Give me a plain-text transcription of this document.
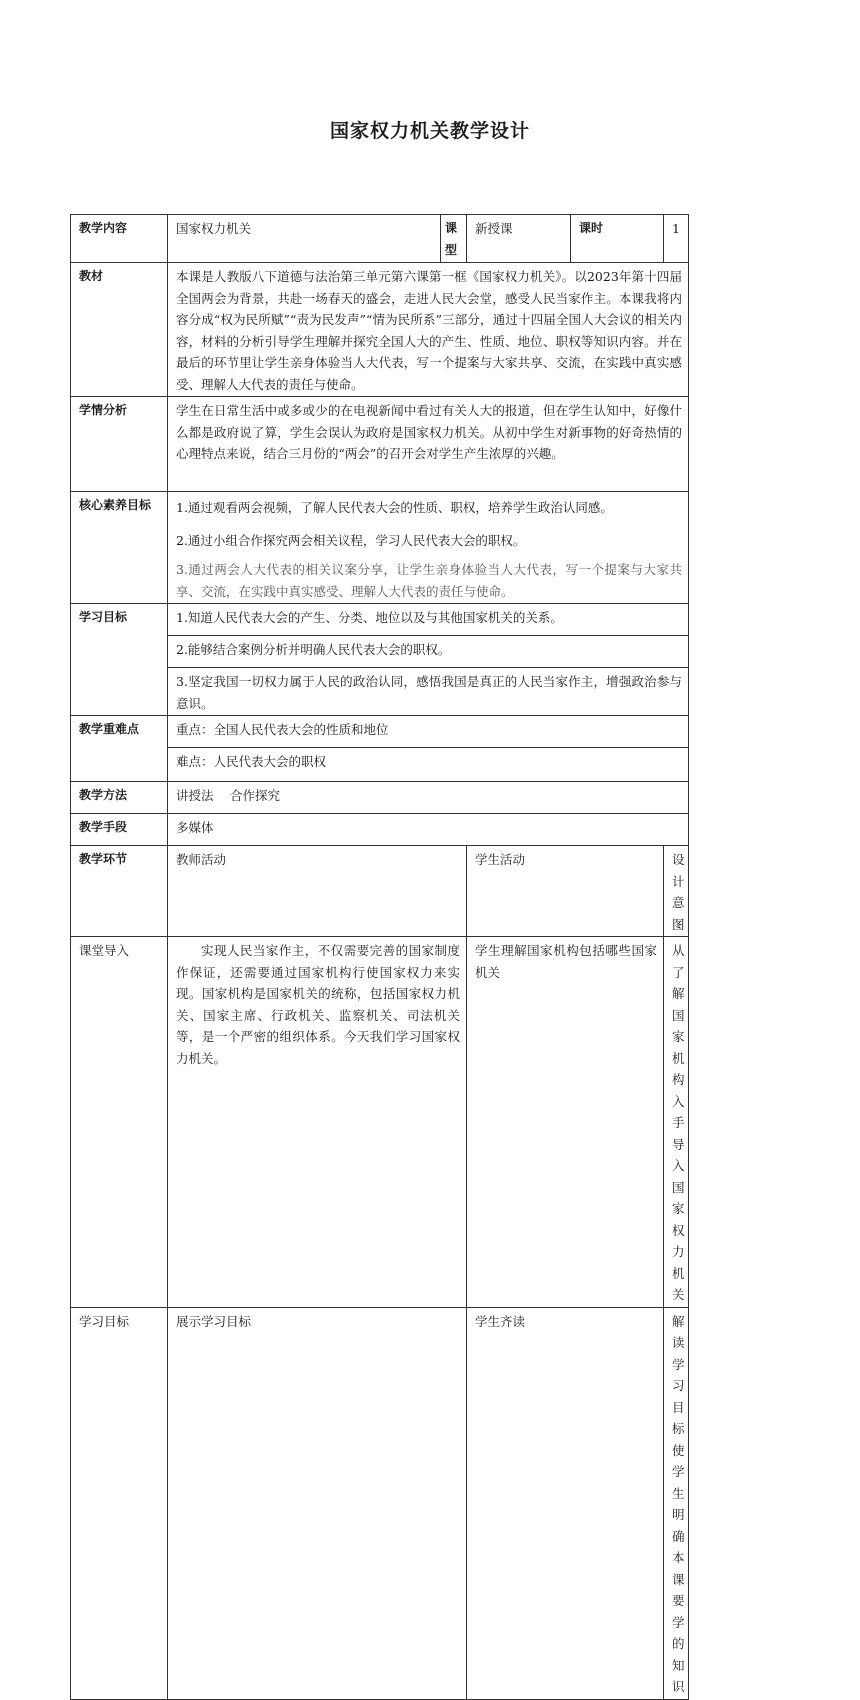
国家权力机关教学设计
教学内容	国家权力机关	课型	新授课	课时	1
教材	本课是人教版八下道德与法治第三单元第六课第一框《国家权力机关》。以2023年第十四届全国两会为背景，共赴一场春天的盛会，走进人民大会堂，感受人民当家作主。本课我将内容分成“权为民所赋”“责为民发声”“情为民所系”三部分，通过十四届全国人大会议的相关内容，材料的分析引导学生理解并探究全国人大的产生、性质、地位、职权等知识内容。并在最后的环节里让学生亲身体验当人大代表，写一个提案与大家共享、交流，在实践中真实感受、理解人大代表的责任与使命。				
学情分析	学生在日常生活中或多或少的在电视新闻中看过有关人大的报道，但在学生认知中，好像什么都是政府说了算，学生会误认为政府是国家权力机关。从初中学生对新事物的好奇热情的心理特点来说，结合三月份的“两会”的召开会对学生产生浓厚的兴趣。				
核心素养目标	1.通过观看两会视频，了解人民代表大会的性质、职权，培养学生政治认同感。
2.通过小组合作探究两会相关议程，学习人民代表大会的职权。
3.通过两会人大代表的相关议案分享，让学生亲身体验当人大代表，写一个提案与大家共享、交流，在实践中真实感受、理解人大代表的责任与使命。				

学习目标	1.知道人民代表大会的产生、分类、地位以及与其他国家机关的关系。				
	2.能够结合案例分析并明确人民代表大会的职权。				
	3.坚定我国一切权力属于人民的政治认同，感悟我国是真正的人民当家作主，增强政治参与意识。				
教学重难点	重点：全国人民代表大会的性质和地位				
	难点：人民代表大会的职权				
教学方法	讲授法　 合作探究				
教学手段	多媒体				
教学环节	教师活动		学生活动		设计意图
课堂导入	实现人民当家作主，不仅需要完善的国家制度作保证，还需要通过国家机构行使国家权力来实现。国家机构是国家机关的统称，包括国家权力机关、国家主席、行政机关、监察机关、司法机关等，是一个严密的组织体系。今天我们学习国家权力机关。		学生理解国家机构包括哪些国家机关		从了解国家机构入手导入国家权力机关
学习目标	展示学习目标		学生齐读		解读学习目标使学生明确本课要学的知识
